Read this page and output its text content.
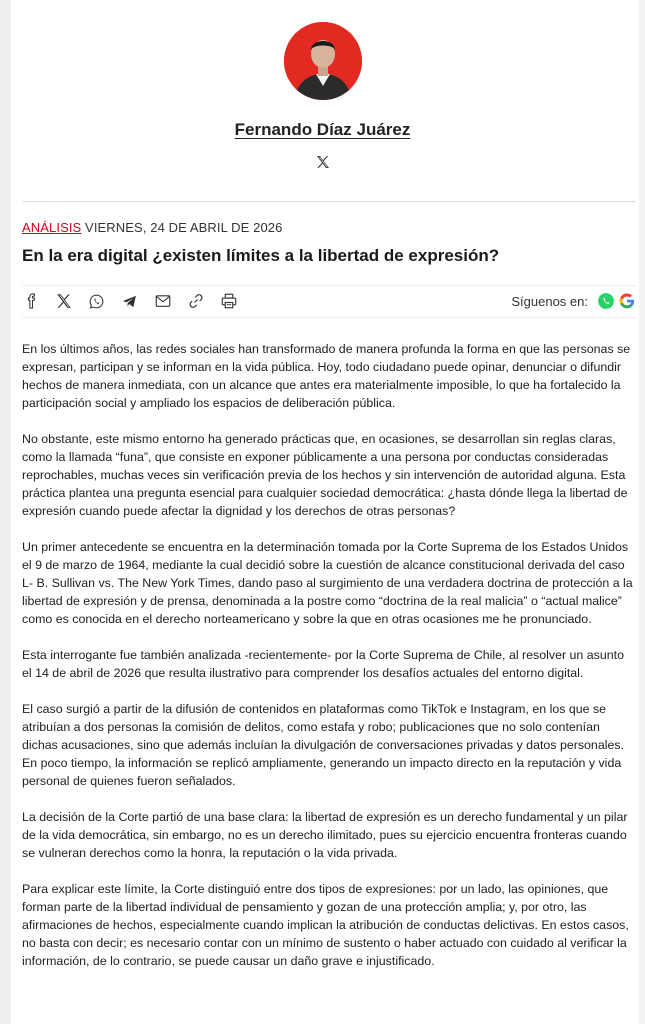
Fernando Díaz Juárez
ANÁLISIS VIERNES, 24 DE ABRIL DE 2026
En la era digital ¿existen límites a la libertad de expresión?
Síguenos en:

En los últimos años, las redes sociales han transformado de manera profunda la forma en que las personas se expresan, participan y se informan en la vida pública. Hoy, todo ciudadano puede opinar, denunciar o difundir hechos de manera inmediata, con un alcance que antes era materialmente imposible, lo que ha fortalecido la participación social y ampliado los espacios de deliberación pública.

No obstante, este mismo entorno ha generado prácticas que, en ocasiones, se desarrollan sin reglas claras, como la llamada “funa”, que consiste en exponer públicamente a una persona por conductas consideradas reprochables, muchas veces sin verificación previa de los hechos y sin intervención de autoridad alguna. Esta práctica plantea una pregunta esencial para cualquier sociedad democrática: ¿hasta dónde llega la libertad de expresión cuando puede afectar la dignidad y los derechos de otras personas?

Un primer antecedente se encuentra en la determinación tomada por la Corte Suprema de los Estados Unidos el 9 de marzo de 1964, mediante la cual decidió sobre la cuestión de alcance constitucional derivada del caso L- B. Sullivan vs. The New York Times, dando paso al surgimiento de una verdadera doctrina de protección a la libertad de expresión y de prensa, denominada a la postre como “doctrina de la real malicia” o “actual malice” como es conocida en el derecho norteamericano y sobre la que en otras ocasiones me he pronunciado.

Esta interrogante fue también analizada -recientemente- por la Corte Suprema de Chile, al resolver un asunto el 14 de abril de 2026 que resulta ilustrativo para comprender los desafíos actuales del entorno digital.

El caso surgió a partir de la difusión de contenidos en plataformas como TikTok e Instagram, en los que se atribuían a dos personas la comisión de delitos, como estafa y robo; publicaciones que no solo contenían dichas acusaciones, sino que además incluían la divulgación de conversaciones privadas y datos personales. En poco tiempo, la información se replicó ampliamente, generando un impacto directo en la reputación y vida personal de quienes fueron señalados.

La decisión de la Corte partió de una base clara: la libertad de expresión es un derecho fundamental y un pilar de la vida democrática, sin embargo, no es un derecho ilimitado, pues su ejercicio encuentra fronteras cuando se vulneran derechos como la honra, la reputación o la vida privada.

Para explicar este límite, la Corte distinguió entre dos tipos de expresiones: por un lado, las opiniones, que forman parte de la libertad individual de pensamiento y gozan de una protección amplia; y, por otro, las afirmaciones de hechos, especialmente cuando implican la atribución de conductas delictivas. En estos casos, no basta con decir; es necesario contar con un mínimo de sustento o haber actuado con cuidado al verificar la información, de lo contrario, se puede causar un daño grave e injustificado.
